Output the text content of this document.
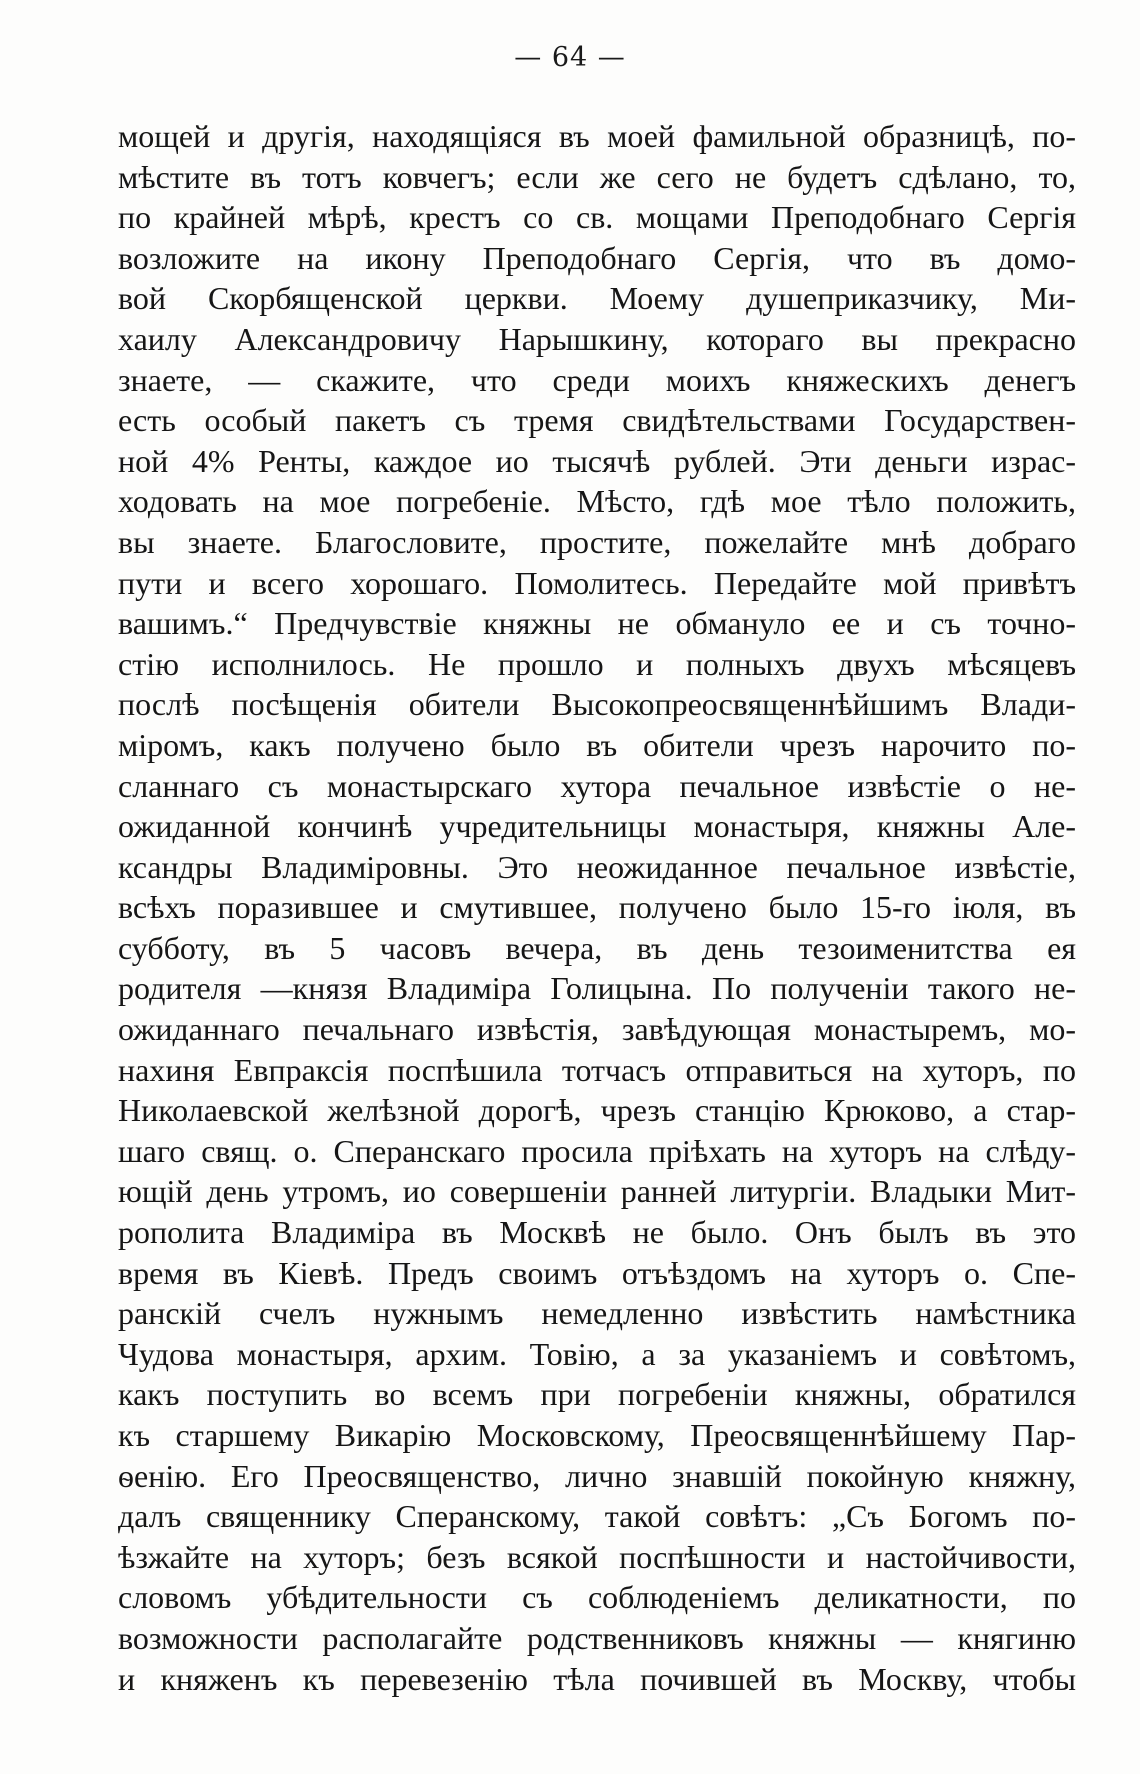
— 64 —
мощей и другія, находящіяся въ моей фамильной образницѣ, по-
мѣстите въ тотъ ковчегъ; если же сего не будетъ сдѣлано, то,
по крайней мѣрѣ, крестъ со св. мощами Преподобнаго Сергія
возложите на икону Преподобнаго Сергія, что въ домо-
вой Скорбященской церкви. Моему душеприказчику, Ми-
хаилу Александровичу Нарышкину, котораго вы прекрасно
знаете, — скажите, что среди моихъ княжескихъ денегъ
есть особый пакетъ съ тремя свидѣтельствами Государствен-
ной 4% Ренты, каждое ио тысячѣ рублей. Эти деньги израс-
ходовать на мое погребеніе. Мѣсто, гдѣ мое тѣло положить,
вы знаете. Благословите, простите, пожелайте мнѣ добраго
пути и всего хорошаго. Помолитесь. Передайте мой привѣтъ
вашимъ.“ Предчувствіе княжны не обмануло ее и съ точно-
стію исполнилось. Не прошло и полныхъ двухъ мѣсяцевъ
послѣ посѣщенія обители Высокопреосвященнѣйшимъ Влади-
міромъ, какъ получено было въ обители чрезъ нарочито по-
сланнаго съ монастырскаго хутора печальное извѣстіе о не-
ожиданной кончинѣ учредительницы монастыря, княжны Але-
ксандры Владиміровны. Это неожиданное печальное извѣстіе,
всѣхъ поразившее и смутившее, получено было 15-го іюля, въ
субботу, въ 5 часовъ вечера, въ день тезоименитства ея
родителя —князя Владиміра Голицына. По полученіи такого не-
ожиданнаго печальнаго извѣстія, завѣдующая монастыремъ, мо-
нахиня Евпраксія поспѣшила тотчасъ отправиться на хуторъ, по
Николаевской желѣзной дорогѣ, чрезъ станцію Крюково, а стар-
шаго свящ. о. Сперанскаго просила пріѣхать на хуторъ на слѣду-
ющій день утромъ, ио совершеніи ранней литургіи. Владыки Мит-
рополита Владиміра въ Москвѣ не было. Онъ былъ въ это
время въ Кіевѣ. Предъ своимъ отъѣздомъ на хуторъ о. Спе-
ранскій счелъ нужнымъ немедленно извѣстить намѣстника
Чудова монастыря, архим. Товію, а за указаніемъ и совѣтомъ,
какъ поступить во всемъ при погребеніи княжны, обратился
къ старшему Викарію Московскому, Преосвященнѣйшему Пар-
ѳенію. Его Преосвященство, лично знавшій покойную княжну,
далъ священнику Сперанскому, такой совѣтъ: „Съ Богомъ по-
ѣзжайте на хуторъ; безъ всякой поспѣшности и настойчивости,
словомъ убѣдительности съ соблюденіемъ деликатности, по
возможности располагайте родственниковъ княжны — княгиню
и княженъ къ перевезенію тѣла почившей въ Москву, чтобы
